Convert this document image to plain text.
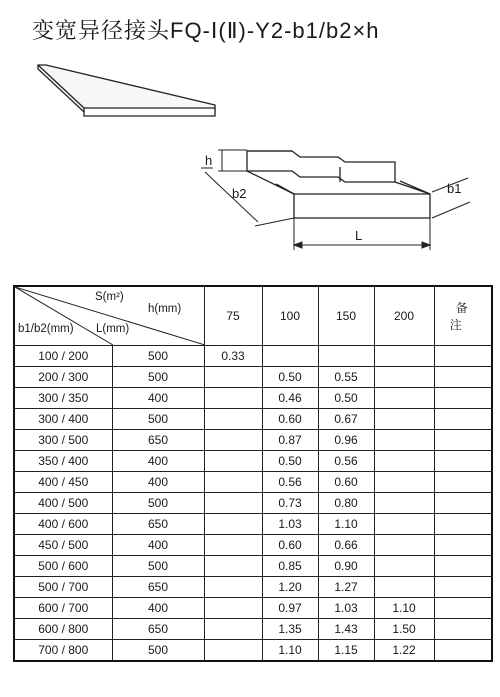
变宽异径接头FQ-Ⅰ(Ⅱ)-Y2-b1/b2×h
h
b2	b1
L
S(m²)
h(mm)
b1/b2(mm) L(mm)		75	100	150	200	备 注
100 / 200	500	0.33				
200 / 300	500		0.50	0.55		
300 / 350	400		0.46	0.50		
300 / 400	500		0.60	0.67		
300 / 500	650		0.87	0.96		
350 / 400	400		0.50	0.56		
400 / 450	400		0.56	0.60		
400 / 500	500		0.73	0.80		
400 / 600	650		1.03	1.10		
450 / 500	400		0.60	0.66		
500 / 600	500		0.85	0.90		
500 / 700	650		1.20	1.27		
600 / 700	400		0.97	1.03	1.10	
600 / 800	650		1.35	1.43	1.50	
700 / 800	500		1.10	1.15	1.22	
